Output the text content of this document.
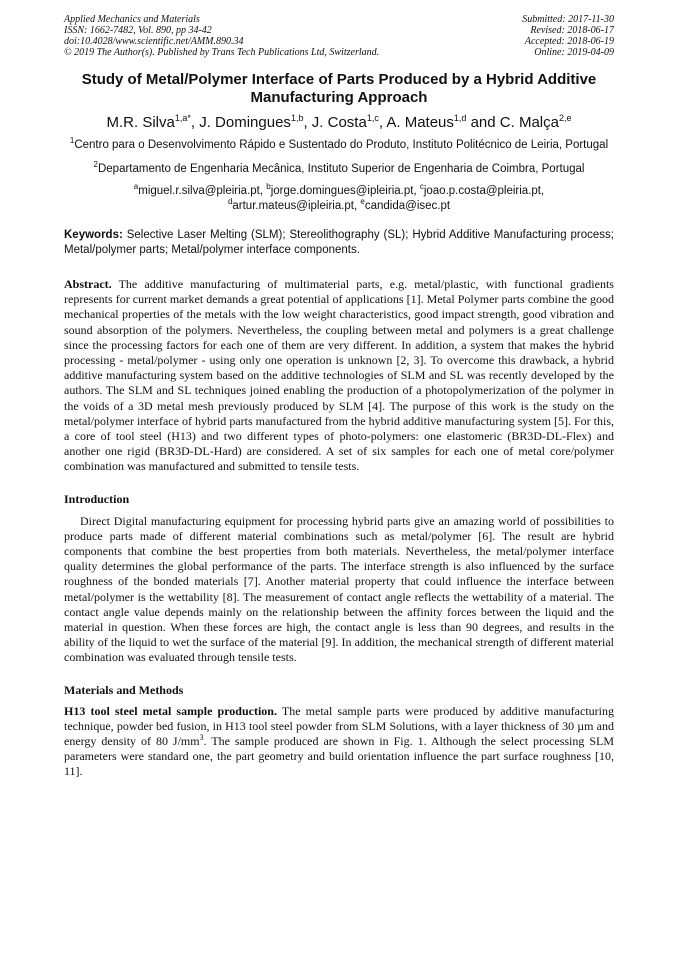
Applied Mechanics and Materials
ISSN: 1662-7482, Vol. 890, pp 34-42
doi:10.4028/www.scientific.net/AMM.890.34
© 2019 The Author(s). Published by Trans Tech Publications Ltd, Switzerland.
Submitted: 2017-11-30
Revised: 2018-06-17
Accepted: 2018-06-19
Online: 2019-04-09
Study of Metal/Polymer Interface of Parts Produced by a Hybrid Additive Manufacturing Approach
M.R. Silva$^{1,a*}$, J. Domingues$^{1,b}$, J. Costa$^{1,c}$, A. Mateus$^{1,d}$ and C. Malça$^{2,e}$
$^1$Centro para o Desenvolvimento Rápido e Sustentado do Produto, Instituto Politécnico de Leiria, Portugal
$^2$Departamento de Engenharia Mecânica, Instituto Superior de Engenharia de Coimbra, Portugal
$^a$miguel.r.silva@pleiria.pt, $^b$jorge.domingues@ipleiria.pt, $^c$joao.p.costa@pleiria.pt,
$^d$artur.mateus@ipleiria.pt, $^e$candida@isec.pt
Keywords: Selective Laser Melting (SLM); Stereolithography (SL); Hybrid Additive Manufacturing process; Metal/polymer parts; Metal/polymer interface components.
Abstract. The additive manufacturing of multimaterial parts, e.g. metal/plastic, with functional gradients represents for current market demands a great potential of applications [1]. Metal Polymer parts combine the good mechanical properties of the metals with the low weight characteristics, good impact strength, good vibration and sound absorption of the polymers. Nevertheless, the coupling between metal and polymers is a great challenge since the processing factors for each one of them are very different. In addition, a system that makes the hybrid processing - metal/polymer - using only one operation is unknown [2, 3]. To overcome this drawback, a hybrid additive manufacturing system based on the additive technologies of SLM and SL was recently developed by the authors. The SLM and SL techniques joined enabling the production of a photopolymerization of the polymer in the voids of a 3D metal mesh previously produced by SLM [4]. The purpose of this work is the study on the metal/polymer interface of hybrid parts manufactured from the hybrid additive manufacturing system [5]. For this, a core of tool steel (H13) and two different types of photo-polymers: one elastomeric (BR3D-DL-Flex) and another one rigid (BR3D-DL-Hard) are considered. A set of six samples for each one of metal core/polymer combination was manufactured and submitted to tensile tests.
Introduction
Direct Digital manufacturing equipment for processing hybrid parts give an amazing world of possibilities to produce parts made of different material combinations such as metal/polymer [6]. The result are hybrid components that combine the best properties from both materials. Nevertheless, the metal/polymer interface quality determines the global performance of the parts. The interface strength is also influenced by the surface roughness of the bonded materials [7]. Another material property that could influence the interface between metal/polymer is the wettability [8]. The measurement of contact angle reflects the wettability of a material. The contact angle value depends mainly on the relationship between the affinity forces between the liquid and the material in question. When these forces are high, the contact angle is less than 90 degrees, and results in the ability of the liquid to wet the surface of the material [9]. In addition, the mechanical strength of different material combination was evaluated through tensile tests.
Materials and Methods
H13 tool steel metal sample production. The metal sample parts were produced by additive manufacturing technique, powder bed fusion, in H13 tool steel powder from SLM Solutions, with a layer thickness of 30 µm and energy density of 80 $J/mm^3$. The sample produced are shown in Fig. 1. Although the select processing SLM parameters were standard one, the part geometry and build orientation influence the part surface roughness [10, 11].
